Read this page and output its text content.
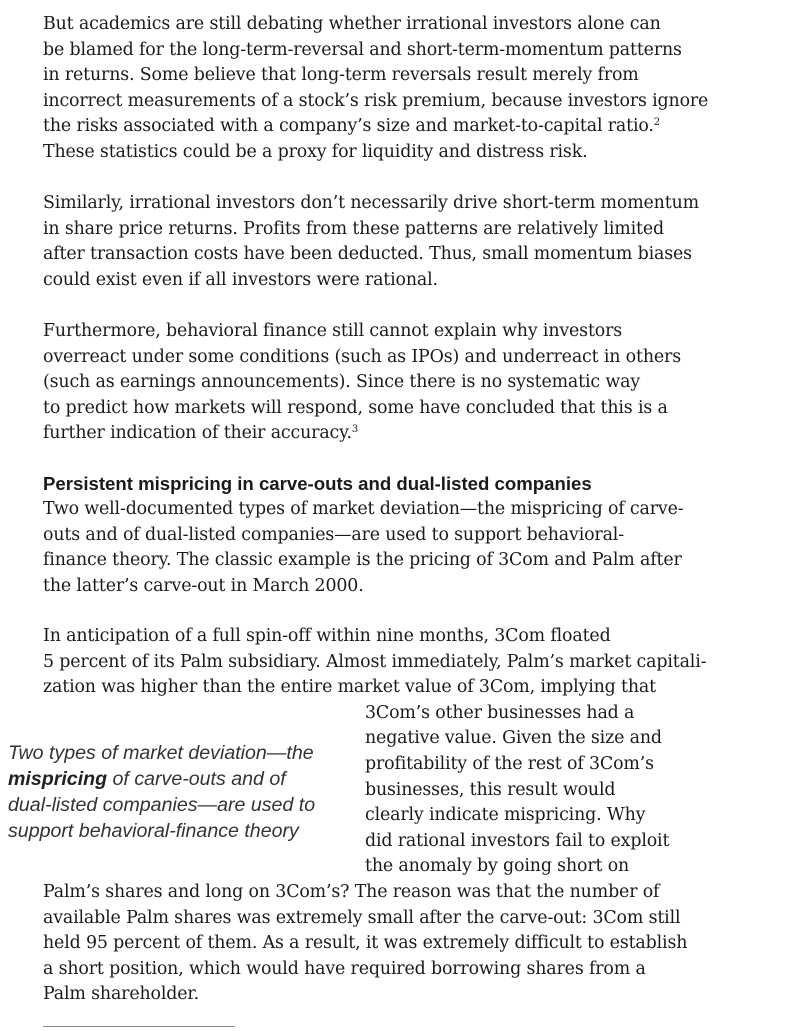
But academics are still debating whether irrational investors alone can
be blamed for the long-term-reversal and short-term-momentum patterns
in returns. Some believe that long-term reversals result merely from
incorrect measurements of a stock’s risk premium, because investors ignore
the risks associated with a company’s size and market-to-capital ratio.$^2$
These statistics could be a proxy for liquidity and distress risk.
Similarly, irrational investors don’t necessarily drive short-term momentum
in share price returns. Profits from these patterns are relatively limited
after transaction costs have been deducted. Thus, small momentum biases
could exist even if all investors were rational.
Furthermore, behavioral finance still cannot explain why investors
overreact under some conditions (such as IPOs) and underreact in others
(such as earnings announcements). Since there is no systematic way
to predict how markets will respond, some have concluded that this is a
further indication of their accuracy.$^3$
Persistent mispricing in carve-outs and dual-listed companies
Two well-documented types of market deviation—the mispricing of carve-
outs and of dual-listed companies—are used to support behavioral-
finance theory. The classic example is the pricing of 3Com and Palm after
the latter’s carve-out in March 2000.
In anticipation of a full spin-off within nine months, 3Com floated
5 percent of its Palm subsidiary. Almost immediately, Palm’s market capitali-
zation was higher than the entire market value of 3Com, implying that
3Com’s other businesses had a
negative value. Given the size and
profitability of the rest of 3Com’s
businesses, this result would
clearly indicate mispricing. Why
did rational investors fail to exploit
the anomaly by going short on
Palm’s shares and long on 3Com’s? The reason was that the number of
available Palm shares was extremely small after the carve-out: 3Com still
held 95 percent of them. As a result, it was extremely difficult to establish
a short position, which would have required borrowing shares from a
Palm shareholder.
Two types of market deviation—the
mispricing of carve-outs and of
dual-listed companies—are used to
support behavioral-finance theory
